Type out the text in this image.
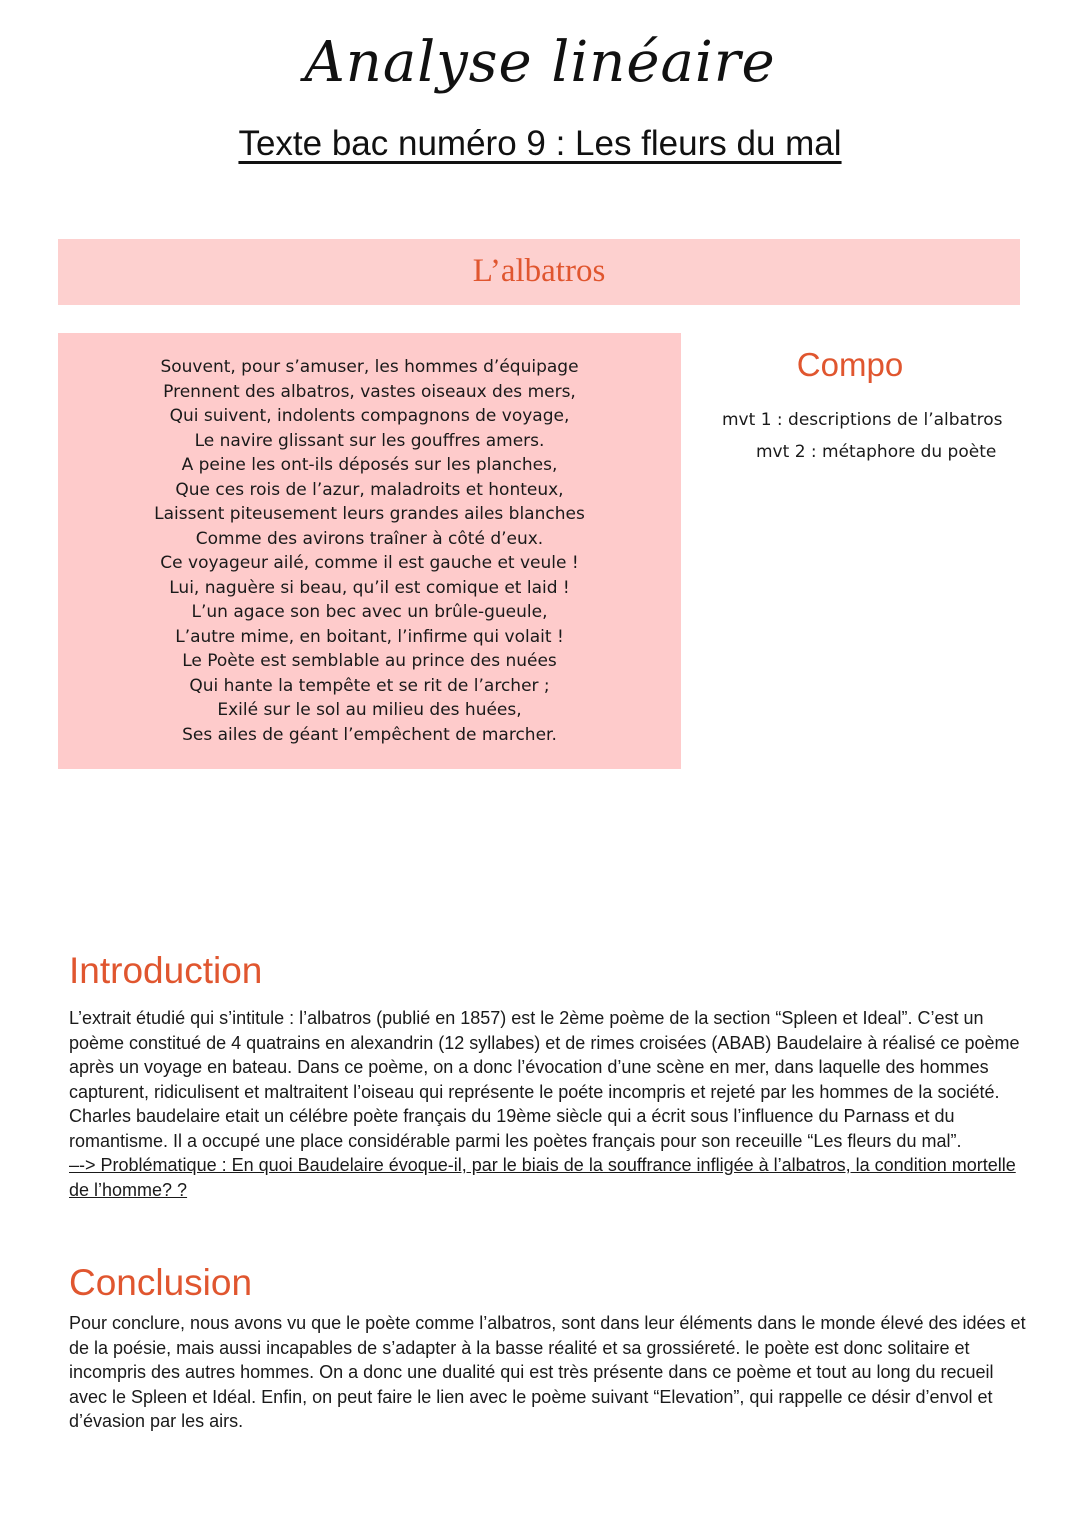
Analyse linéaire
Texte bac numéro 9 : Les fleurs du mal
L’albatros
Souvent, pour s’amuser, les hommes d’équipage
Prennent des albatros, vastes oiseaux des mers,
Qui suivent, indolents compagnons de voyage,
Le navire glissant sur les gouffres amers.
A peine les ont-ils déposés sur les planches,
Que ces rois de l’azur, maladroits et honteux,
Laissent piteusement leurs grandes ailes blanches
Comme des avirons traîner à côté d’eux.
Ce voyageur ailé, comme il est gauche et veule !
Lui, naguère si beau, qu’il est comique et laid !
L’un agace son bec avec un brûle-gueule,
L’autre mime, en boitant, l’infirme qui volait !
Le Poète est semblable au prince des nuées
Qui hante la tempête et se rit de l’archer ;
Exilé sur le sol au milieu des huées,
Ses ailes de géant l’empêchent de marcher.
Compo
mvt 1 : descriptions de l’albatros
mvt 2 : métaphore du poète
Introduction
L’extrait étudié qui s’intitule : l’albatros (publié en 1857) est le 2ème poème de la section “Spleen et Ideal”. C’est un poème constitué de 4 quatrains en alexandrin (12 syllabes) et de rimes croisées (ABAB) Baudelaire à réalisé ce poème après un voyage en bateau. Dans ce poème, on a donc l’évocation d’une scène en mer, dans laquelle des hommes capturent, ridiculisent et maltraitent l’oiseau qui représente le poéte incompris et rejeté par les hommes de la société. Charles baudelaire etait un célébre poète français du 19ème siècle qui a écrit sous l’influence du Parnass et du romantisme. Il a occupé une place considérable parmi les poètes français pour son receuille “Les fleurs du mal”.
–-> Problématique : En quoi Baudelaire évoque-il, par le biais de la souffrance infligée à l’albatros, la condition mortelle de l’homme? ?
Conclusion
Pour conclure, nous avons vu que le poète comme l’albatros, sont dans leur éléments dans le monde élevé des idées et de la poésie, mais aussi incapables de s’adapter à la basse réalité et sa grossiéreté. le poète est donc solitaire et incompris des autres hommes. On a donc une dualité qui est très présente dans ce poème et tout au long du recueil avec le Spleen et Idéal. Enfin, on peut faire le lien avec le poème suivant “Elevation”, qui rappelle ce désir d’envol et d’évasion par les airs.
